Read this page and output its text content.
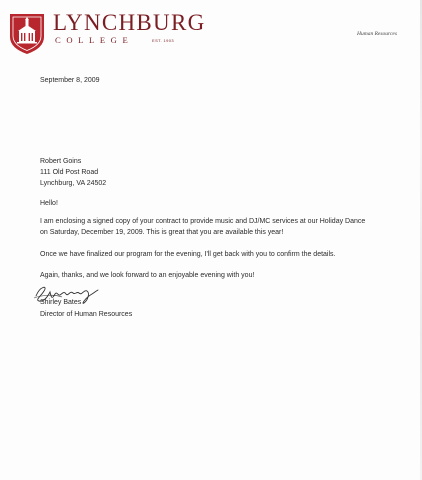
LYNCHBURG
COLLEGE	EST. 1903
Human Resources
September 8, 2009
Robert Goins
111 Old Post Road
Lynchburg, VA 24502
Hello!
I am enclosing a signed copy of your contract to provide music and DJ/MC services at our Holiday Dance
on Saturday, December 19, 2009. This is great that you are available this year!
Once we have finalized our program for the evening, I'll get back with you to confirm the details.
Again, thanks, and we look forward to an enjoyable evening with you!
Shirley Bates
Director of Human Resources
